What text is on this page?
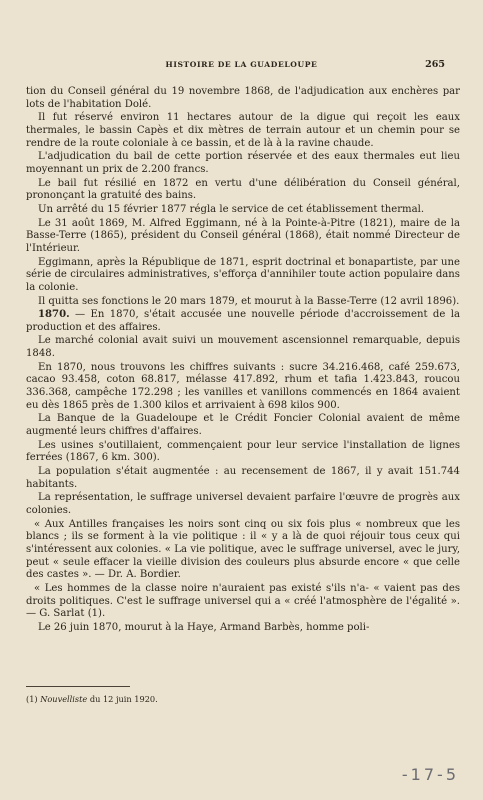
HISTOIRE DE LA GUADELOUPE	265

tion du Conseil général du 19 novembre 1868, de l'adjudication aux enchères par lots de l'habitation Dolé.

Il fut réservé environ 11 hectares autour de la digue qui reçoit les eaux thermales, le bassin Capès et dix mètres de terrain autour et un chemin pour se rendre de la route coloniale à ce bassin, et de là à la ravine chaude.

L'adjudication du bail de cette portion réservée et des eaux thermales eut lieu moyennant un prix de 2.200 francs.

Le bail fut résilié en 1872 en vertu d'une délibération du Conseil général, prononçant la gratuité des bains.

Un arrêté du 15 février 1877 régla le service de cet établissement thermal.

Le 31 août 1869, M. Alfred Eggimann, né à la Pointe-à-Pitre (1821), maire de la Basse-Terre (1865), président du Conseil général (1868), était nommé Directeur de l'Intérieur.

Eggimann, après la République de 1871, esprit doctrinal et bonapartiste, par une série de circulaires administratives, s'efforça d'annihiler toute action populaire dans la colonie.

Il quitta ses fonctions le 20 mars 1879, et mourut à la Basse-Terre (12 avril 1896).

1870. — En 1870, s'était accusée une nouvelle période d'accroissement de la production et des affaires.

Le marché colonial avait suivi un mouvement ascensionnel remarquable, depuis 1848.

En 1870, nous trouvons les chiffres suivants : sucre 34.216.468, café 259.673, cacao 93.458, coton 68.817, mélasse 417.892, rhum et tafia 1.423.843, roucou 336.368, campêche 172.298 ; les vanilles et vanillons commencés en 1864 avaient eu dès 1865 près de 1.300 kilos et arrivaient à 698 kilos 900.

La Banque de la Guadeloupe et le Crédit Foncier Colonial avaient de même augmenté leurs chiffres d'affaires.

Les usines s'outillaient, commençaient pour leur service l'installation de lignes ferrées (1867, 6 km. 300).

La population s'était augmentée : au recensement de 1867, il y avait 151.744 habitants.

La représentation, le suffrage universel devaient parfaire l'œuvre de progrès aux colonies.

« Aux Antilles françaises les noirs sont cinq ou six fois plus « nombreux que les blancs ; ils se forment à la vie politique : il « y a là de quoi réjouir tous ceux qui s'intéressent aux colonies. « La vie politique, avec le suffrage universel, avec le jury, peut « seule effacer la vieille division des couleurs plus absurde encore « que celle des castes ». — Dr. A. Bordier.

« Les hommes de la classe noire n'auraient pas existé s'ils n'a- « vaient pas des droits politiques. C'est le suffrage universel qui a « créé l'atmosphère de l'égalité ». — G. Sarlat (1).

Le 26 juin 1870, mourut à la Haye, Armand Barbès, homme poli-

(1) Nouvelliste du 12 juin 1920.
-17-5
